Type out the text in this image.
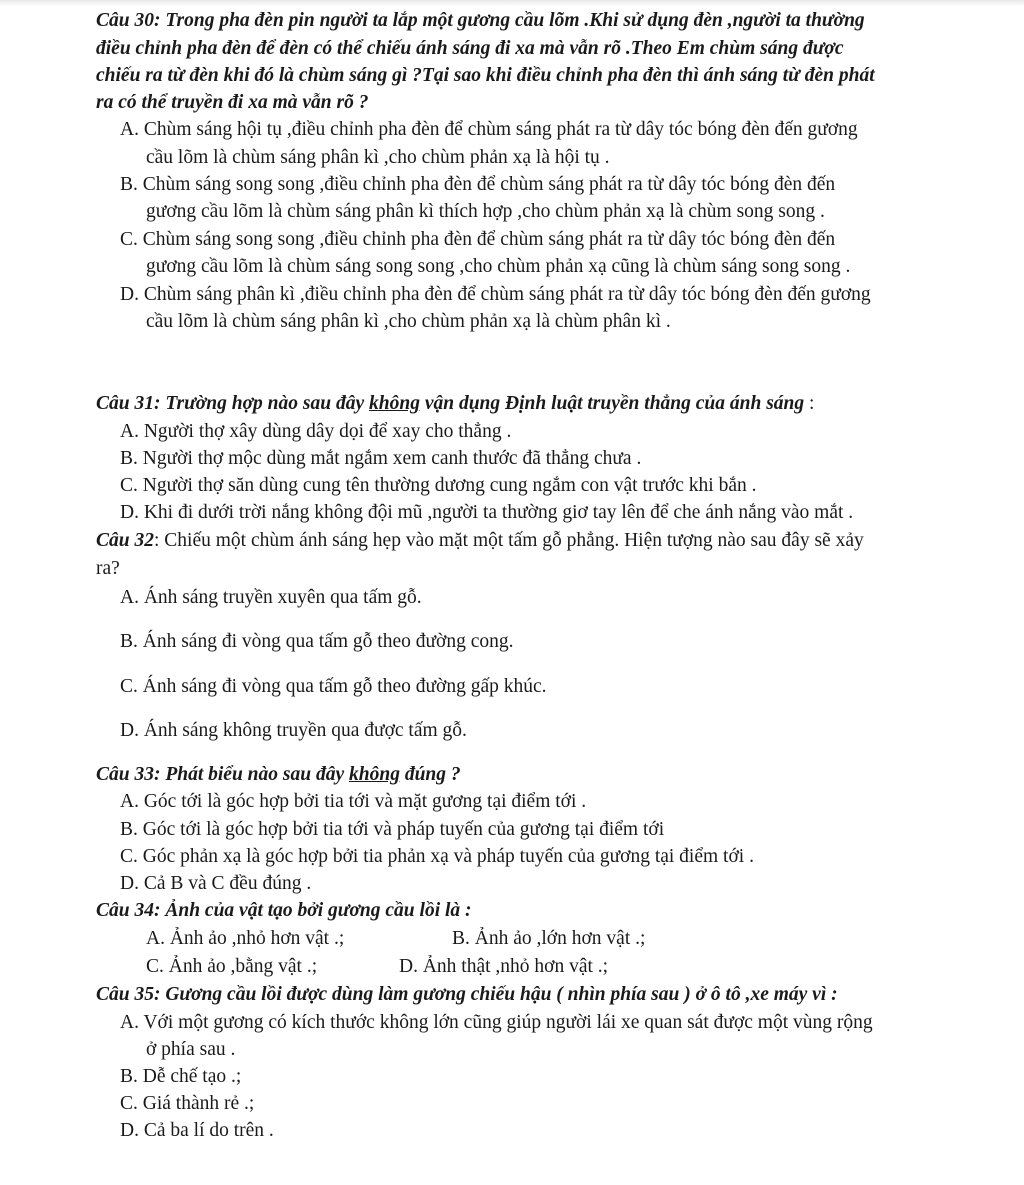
Câu 30: Trong pha đèn pin người ta lắp một gương cầu lõm .Khi sử dụng đèn ,người ta thường
điều chỉnh pha đèn để đèn có thể chiếu ánh sáng đi xa mà vẫn rõ .Theo Em chùm sáng được
chiếu ra từ đèn khi đó là chùm sáng gì ?Tại sao khi điều chỉnh pha đèn thì ánh sáng từ đèn phát
ra có thể truyền đi xa mà vẫn rõ ?
A. Chùm sáng hội tụ ,điều chỉnh pha đèn để chùm sáng phát ra từ dây tóc bóng đèn đến gương
cầu lõm là chùm sáng phân kì ,cho chùm phản xạ là hội tụ .
B. Chùm sáng song song ,điều chỉnh pha đèn để chùm sáng phát ra từ dây tóc bóng đèn đến
gương cầu lõm là chùm sáng phân kì thích hợp ,cho chùm phản xạ là chùm song song .
C. Chùm sáng song song ,điều chỉnh pha đèn để chùm sáng phát ra từ dây tóc bóng đèn đến
gương cầu lõm là chùm sáng song song ,cho chùm phản xạ cũng là chùm sáng song song .
D. Chùm sáng phân kì ,điều chỉnh pha đèn để chùm sáng phát ra từ dây tóc bóng đèn đến gương
cầu lõm là chùm sáng phân kì ,cho chùm phản xạ là chùm phân kì .
Câu 31: Trường hợp nào sau đây không vận dụng Định luật truyền thẳng của ánh sáng :
A. Người thợ xây dùng dây dọi để xay cho thẳng .
B. Người thợ mộc dùng mắt ngắm xem canh thước đã thẳng chưa .
C. Người thợ săn dùng cung tên thường dương cung ngắm con vật trước khi bắn .
D. Khi đi dưới trời nắng không đội mũ ,người ta thường giơ tay lên để che ánh nắng vào mắt .
Câu 32: Chiếu một chùm ánh sáng hẹp vào mặt một tấm gỗ phẳng. Hiện tượng nào sau đây sẽ xảy
ra?
A. Ánh sáng truyền xuyên qua tấm gỗ.
B. Ánh sáng đi vòng qua tấm gỗ theo đường cong.
C. Ánh sáng đi vòng qua tấm gỗ theo đường gấp khúc.
D. Ánh sáng không truyền qua được tấm gỗ.
Câu 33: Phát biểu nào sau đây không đúng ?
A. Góc tới là góc hợp bởi tia tới và mặt gương tại điểm tới .
B. Góc tới là góc hợp bởi tia tới và pháp tuyến của gương tại điểm tới
C. Góc phản xạ là góc hợp bởi tia phản xạ và pháp tuyến của gương tại điểm tới .
D. Cả B và C đều đúng .
Câu 34: Ảnh của vật tạo bởi gương cầu lồi là :
A. Ảnh ảo ,nhỏ hơn vật .;	B. Ảnh ảo ,lớn hơn vật .;
C. Ảnh ảo ,bằng vật .;	D. Ảnh thật ,nhỏ hơn vật .;
Câu 35: Gương cầu lồi được dùng làm gương chiếu hậu ( nhìn phía sau ) ở ô tô ,xe máy vì :
A. Với một gương có kích thước không lớn cũng giúp người lái xe quan sát được một vùng rộng
ở phía sau .
B. Dễ chế tạo .;
C. Giá thành rẻ .;
D. Cả ba lí do trên .
